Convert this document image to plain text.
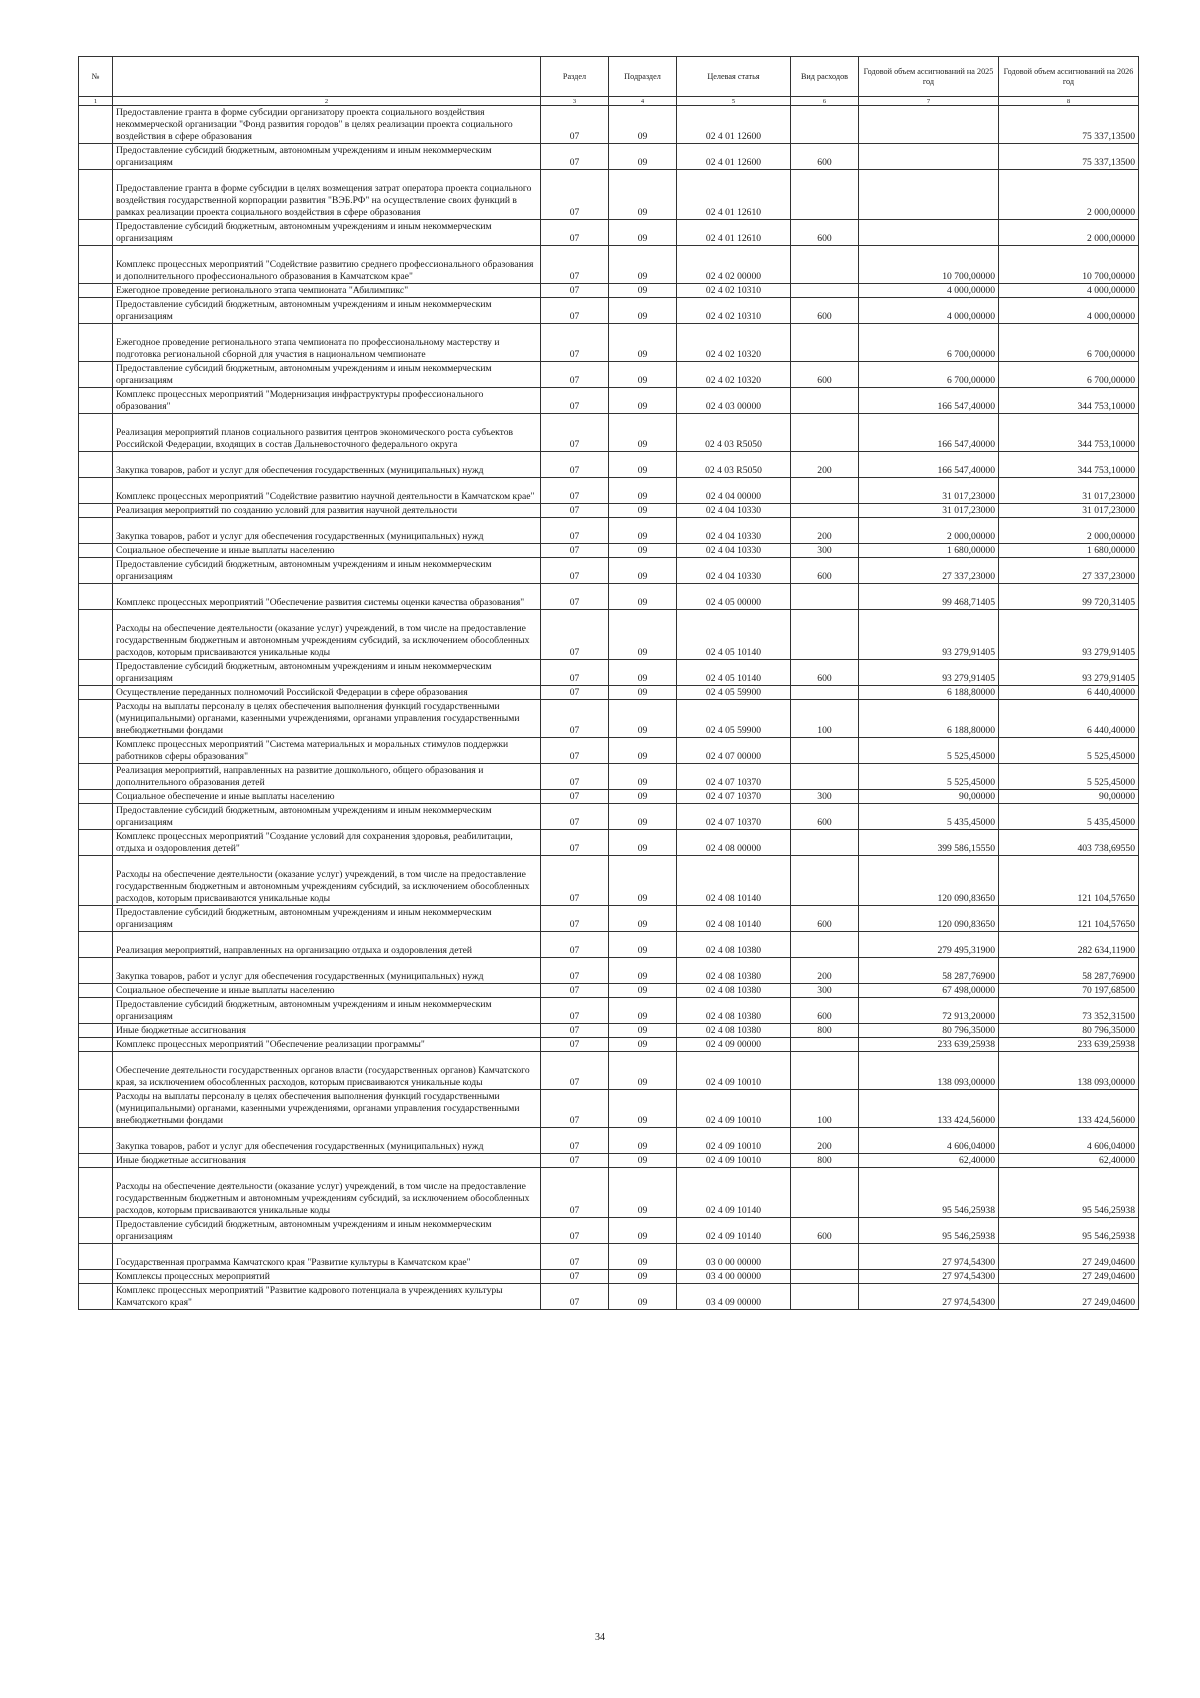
№		Раздел	Подраздел	Целевая статья	Вид расходов	Годовой объем ассигнований на 2025 год	Годовой объем ассигнований на 2026 год
1	2	3	4	5	6	7	8
	Предоставление гранта в форме субсидии организатору проекта социального воздействия некоммерческой организации "Фонд развития городов" в целях реализации проекта социального воздействия в сфере образования	07	09	02 4 01 12600			75 337,13500
	Предоставление субсидий бюджетным, автономным учреждениям и иным некоммерческим организациям	07	09	02 4 01 12600	600		75 337,13500
	Предоставление гранта в форме субсидии в целях возмещения затрат оператора проекта социального воздействия государственной корпорации развития "ВЭБ.РФ" на осуществление своих функций в рамках реализации проекта социального воздействия в сфере образования	07	09	02 4 01 12610			2 000,00000
	Предоставление субсидий бюджетным, автономным учреждениям и иным некоммерческим организациям	07	09	02 4 01 12610	600		2 000,00000
	Комплекс процессных мероприятий "Содействие развитию среднего профессионального образования и дополнительного профессионального образования в Камчатском крае"	07	09	02 4 02 00000		10 700,00000	10 700,00000
	Ежегодное проведение регионального этапа чемпионата "Абилимпикс"	07	09	02 4 02 10310		4 000,00000	4 000,00000
	Предоставление субсидий бюджетным, автономным учреждениям и иным некоммерческим организациям	07	09	02 4 02 10310	600	4 000,00000	4 000,00000
	Ежегодное проведение регионального этапа чемпионата по профессиональному мастерству и подготовка региональной сборной для участия в национальном чемпионате	07	09	02 4 02 10320		6 700,00000	6 700,00000
	Предоставление субсидий бюджетным, автономным учреждениям и иным некоммерческим организациям	07	09	02 4 02 10320	600	6 700,00000	6 700,00000
	Комплекс процессных мероприятий "Модернизация инфраструктуры профессионального образования"	07	09	02 4 03 00000		166 547,40000	344 753,10000
	Реализация мероприятий планов социального развития центров экономического роста субъектов Российской Федерации, входящих в состав Дальневосточного федерального округа	07	09	02 4 03 R5050		166 547,40000	344 753,10000
	Закупка товаров, работ и услуг для обеспечения государственных (муниципальных) нужд	07	09	02 4 03 R5050	200	166 547,40000	344 753,10000
	Комплекс процессных мероприятий "Содействие развитию научной деятельности в Камчатском крае"	07	09	02 4 04 00000		31 017,23000	31 017,23000
	Реализация мероприятий по созданию условий для развития научной деятельности	07	09	02 4 04 10330		31 017,23000	31 017,23000
	Закупка товаров, работ и услуг для обеспечения государственных (муниципальных) нужд	07	09	02 4 04 10330	200	2 000,00000	2 000,00000
	Социальное обеспечение и иные выплаты населению	07	09	02 4 04 10330	300	1 680,00000	1 680,00000
	Предоставление субсидий бюджетным, автономным учреждениям и иным некоммерческим организациям	07	09	02 4 04 10330	600	27 337,23000	27 337,23000
	Комплекс процессных мероприятий "Обеспечение развития системы оценки качества образования"	07	09	02 4 05 00000		99 468,71405	99 720,31405
	Расходы на обеспечение деятельности (оказание услуг) учреждений, в том числе на предоставление государственным бюджетным и автономным учреждениям субсидий, за исключением обособленных расходов, которым присваиваются уникальные коды	07	09	02 4 05 10140		93 279,91405	93 279,91405
	Предоставление субсидий бюджетным, автономным учреждениям и иным некоммерческим организациям	07	09	02 4 05 10140	600	93 279,91405	93 279,91405
	Осуществление переданных полномочий Российской Федерации в сфере образования	07	09	02 4 05 59900		6 188,80000	6 440,40000
	Расходы на выплаты персоналу в целях обеспечения выполнения функций государственными (муниципальными) органами, казенными учреждениями, органами управления государственными внебюджетными фондами	07	09	02 4 05 59900	100	6 188,80000	6 440,40000
	Комплекс процессных мероприятий "Система материальных и моральных стимулов поддержки работников сферы образования"	07	09	02 4 07 00000		5 525,45000	5 525,45000
	Реализация мероприятий, направленных на развитие дошкольного, общего образования и дополнительного образования детей	07	09	02 4 07 10370		5 525,45000	5 525,45000
	Социальное обеспечение и иные выплаты населению	07	09	02 4 07 10370	300	90,00000	90,00000
	Предоставление субсидий бюджетным, автономным учреждениям и иным некоммерческим организациям	07	09	02 4 07 10370	600	5 435,45000	5 435,45000
	Комплекс процессных мероприятий "Создание условий для сохранения здоровья, реабилитации, отдыха и оздоровления детей"	07	09	02 4 08 00000		399 586,15550	403 738,69550
	Расходы на обеспечение деятельности (оказание услуг) учреждений, в том числе на предоставление государственным бюджетным и автономным учреждениям субсидий, за исключением обособленных расходов, которым присваиваются уникальные коды	07	09	02 4 08 10140		120 090,83650	121 104,57650
	Предоставление субсидий бюджетным, автономным учреждениям и иным некоммерческим организациям	07	09	02 4 08 10140	600	120 090,83650	121 104,57650
	Реализация мероприятий, направленных на организацию отдыха и оздоровления детей	07	09	02 4 08 10380		279 495,31900	282 634,11900
	Закупка товаров, работ и услуг для обеспечения государственных (муниципальных) нужд	07	09	02 4 08 10380	200	58 287,76900	58 287,76900
	Социальное обеспечение и иные выплаты населению	07	09	02 4 08 10380	300	67 498,00000	70 197,68500
	Предоставление субсидий бюджетным, автономным учреждениям и иным некоммерческим организациям	07	09	02 4 08 10380	600	72 913,20000	73 352,31500
	Иные бюджетные ассигнования	07	09	02 4 08 10380	800	80 796,35000	80 796,35000
	Комплекс процессных мероприятий "Обеспечение реализации программы"	07	09	02 4 09 00000		233 639,25938	233 639,25938
	Обеспечение деятельности государственных органов власти (государственных органов) Камчатского края, за исключением обособленных расходов, которым присваиваются уникальные коды	07	09	02 4 09 10010		138 093,00000	138 093,00000
	Расходы на выплаты персоналу в целях обеспечения выполнения функций государственными (муниципальными) органами, казенными учреждениями, органами управления государственными внебюджетными фондами	07	09	02 4 09 10010	100	133 424,56000	133 424,56000
	Закупка товаров, работ и услуг для обеспечения государственных (муниципальных) нужд	07	09	02 4 09 10010	200	4 606,04000	4 606,04000
	Иные бюджетные ассигнования	07	09	02 4 09 10010	800	62,40000	62,40000
	Расходы на обеспечение деятельности (оказание услуг) учреждений, в том числе на предоставление государственным бюджетным и автономным учреждениям субсидий, за исключением обособленных расходов, которым присваиваются уникальные коды	07	09	02 4 09 10140		95 546,25938	95 546,25938
	Предоставление субсидий бюджетным, автономным учреждениям и иным некоммерческим организациям	07	09	02 4 09 10140	600	95 546,25938	95 546,25938
	Государственная программа Камчатского края "Развитие культуры в Камчатском крае"	07	09	03 0 00 00000		27 974,54300	27 249,04600
	Комплексы процессных мероприятий	07	09	03 4 00 00000		27 974,54300	27 249,04600
	Комплекс процессных мероприятий "Развитие кадрового потенциала в учреждениях культуры Камчатского края"	07	09	03 4 09 00000		27 974,54300	27 249,04600
34
